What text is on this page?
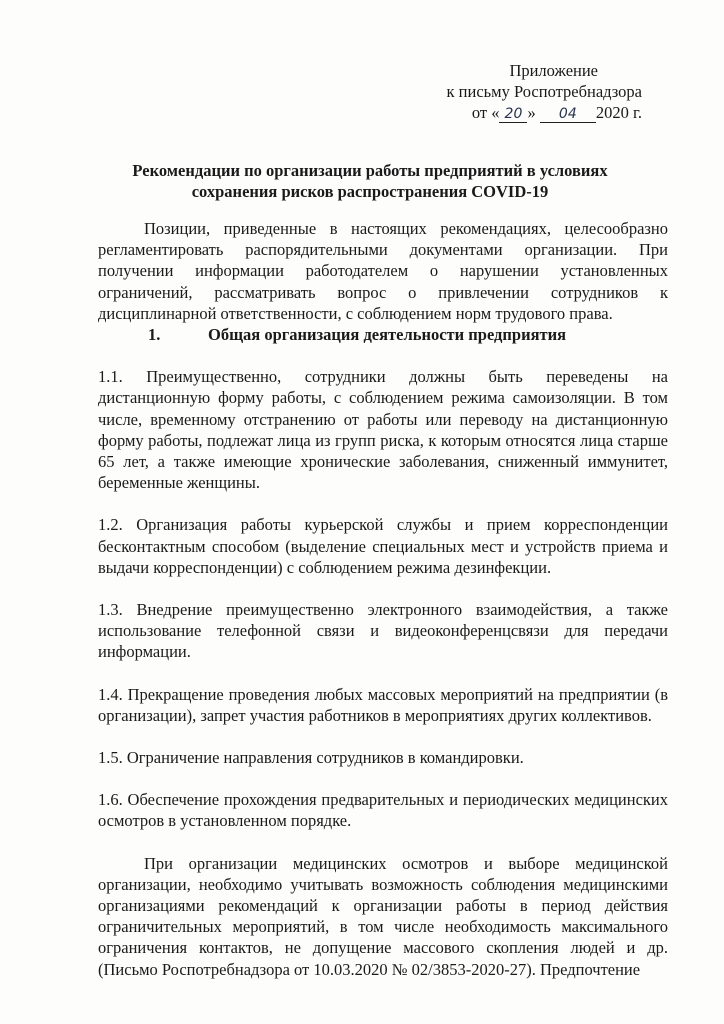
Приложение
к письму Роспотребнадзора
от « 20 » 04 2020 г.
Рекомендации по организации работы предприятий в условиях
сохранения рисков распространения COVID-19

Позиции, приведенные в настоящих рекомендациях, целесообразно регламентировать распорядительными документами организации. При получении информации работодателем о нарушении установленных ограничений, рассматривать вопрос о привлечении сотрудников к дисциплинарной ответственности, с соблюдением норм трудового права.

1.	Общая организация деятельности предприятия

1.1. Преимущественно, сотрудники должны быть переведены на дистанционную форму работы, с соблюдением режима самоизоляции. В том числе, временному отстранению от работы или переводу на дистанционную форму работы, подлежат лица из групп риска, к которым относятся лица старше 65 лет, а также имеющие хронические заболевания, сниженный иммунитет, беременные женщины.

1.2. Организация работы курьерской службы и прием корреспонденции бесконтактным способом (выделение специальных мест и устройств приема и выдачи корреспонденции) с соблюдением режима дезинфекции.

1.3. Внедрение преимущественно электронного взаимодействия, а также использование телефонной связи и видеоконференцсвязи для передачи информации.

1.4. Прекращение проведения любых массовых мероприятий на предприятии (в организации), запрет участия работников в мероприятиях других коллективов.

1.5. Ограничение направления сотрудников в командировки.

1.6. Обеспечение прохождения предварительных и периодических медицинских осмотров в установленном порядке.

При организации медицинских осмотров и выборе медицинской организации, необходимо учитывать возможность соблюдения медицинскими организациями рекомендаций к организации работы в период действия ограничительных мероприятий, в том числе необходимость максимального ограничения контактов, не допущение массового скопления людей и др. (Письмо Роспотребнадзора от 10.03.2020 № 02/3853-2020-27). Предпочтение
